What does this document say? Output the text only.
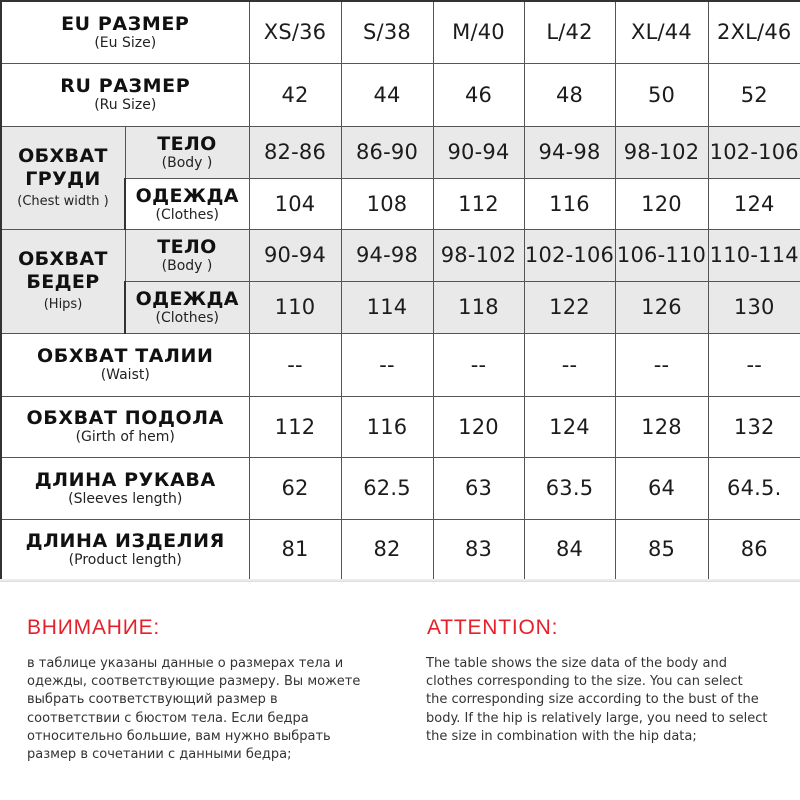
EU РАЗМЕР
(Eu Size)		XS/36	S/38	M/40	L/42	XL/44	2XL/46

RU РАЗМЕР
(Ru Size)		42	44	46	48	50	52

ОБХВАТ
ГРУДИ
(Chest width )	ТЕЛО
(Body )	82-86	86-90	90-94	94-98	98-102	102-106

	ОДЕЖДА
(Clothes)	104	108	112	116	120	124

ОБХВАТ
БЕДЕР
(Hips)	ТЕЛО
(Body )	90-94	94-98	98-102	102-106	106-110	110-114

	ОДЕЖДА
(Clothes)	110	114	118	122	126	130

ОБХВАТ ТАЛИИ
(Waist)		--	--	--	--	--	--

ОБХВАТ ПОДОЛА
(Girth of hem)		112	116	120	124	128	132

ДЛИНА РУКАВА
(Sleeves length)		62	62.5	63	63.5	64	64.5.

ДЛИНА ИЗДЕЛИЯ
(Product length)		81	82	83	84	85	86
ВНИМАНИЕ:
в таблице указаны данные о размерах тела и
одежды, соответствующие размеру. Вы можете
выбрать соответствующий размер в
соответствии с бюстом тела. Если бедра
относительно большие, вам нужно выбрать
размер в сочетании с данными бедра;
ATTENTION:
The table shows the size data of the body and
clothes corresponding to the size. You can select
the corresponding size according to the bust of the
body. If the hip is relatively large, you need to select
the size in combination with the hip data;
